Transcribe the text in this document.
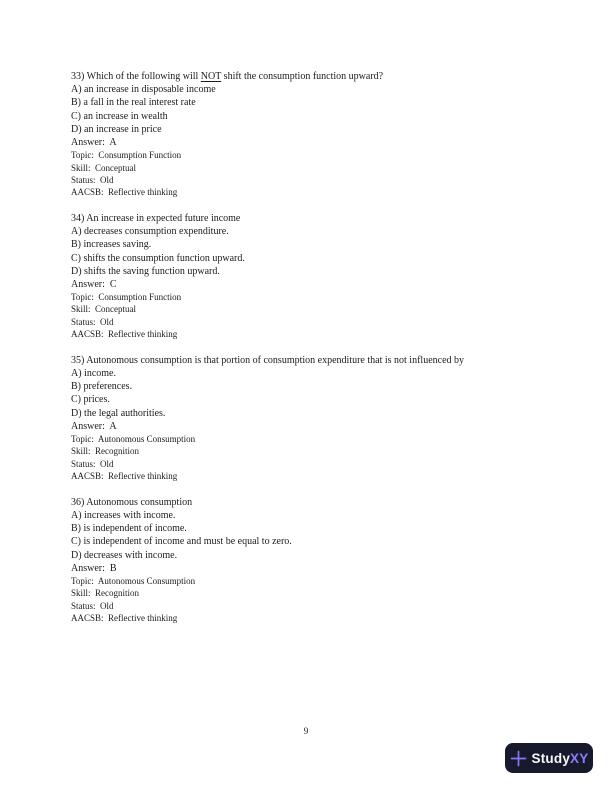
33) Which of the following will NOT shift the consumption function upward?
A) an increase in disposable income
B) a fall in the real interest rate
C) an increase in wealth
D) an increase in price
Answer:  A
Topic:  Consumption Function
Skill:  Conceptual
Status:  Old
AACSB:  Reflective thinking
34) An increase in expected future income
A) decreases consumption expenditure.
B) increases saving.
C) shifts the consumption function upward.
D) shifts the saving function upward.
Answer:  C
Topic:  Consumption Function
Skill:  Conceptual
Status:  Old
AACSB:  Reflective thinking
35) Autonomous consumption is that portion of consumption expenditure that is not influenced by
A) income.
B) preferences.
C) prices.
D) the legal authorities.
Answer:  A
Topic:  Autonomous Consumption
Skill:  Recognition
Status:  Old
AACSB:  Reflective thinking
36) Autonomous consumption
A) increases with income.
B) is independent of income.
C) is independent of income and must be equal to zero.
D) decreases with income.
Answer:  B
Topic:  Autonomous Consumption
Skill:  Recognition
Status:  Old
AACSB:  Reflective thinking
9
StudyXY
